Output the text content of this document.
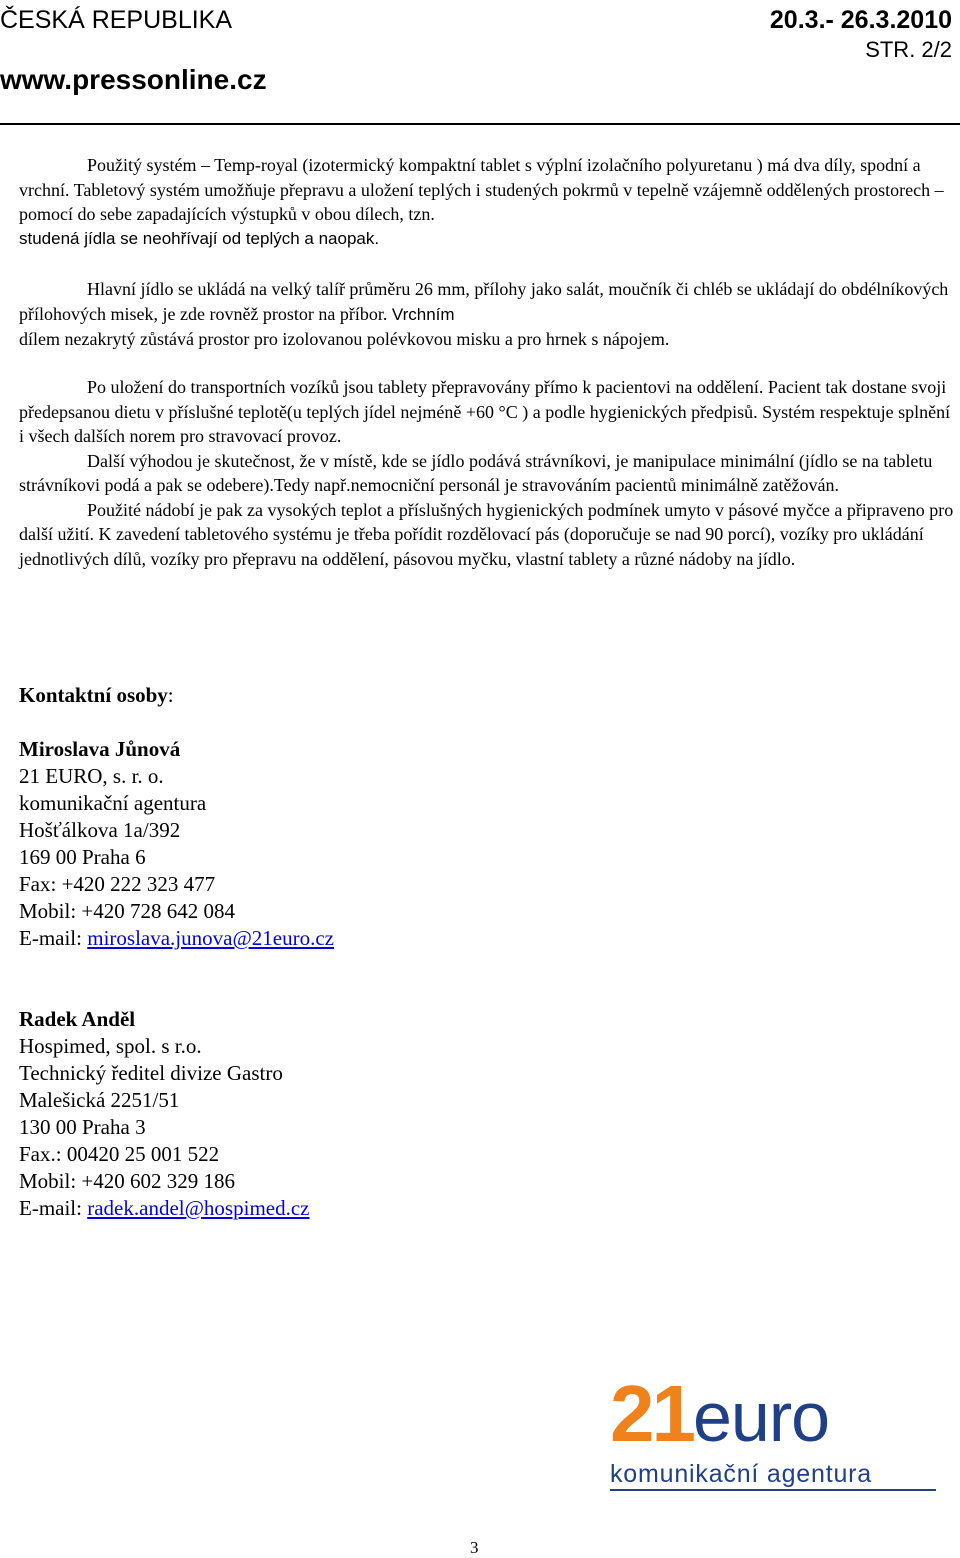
ČESKÁ REPUBLIKA	20.3.- 26.3.2010
STR. 2/2
www.pressonline.cz

Použitý systém – Temp-royal (izotermický kompaktní tablet s výplní izolačního polyuretanu ) má dva díly, spodní a vrchní. Tabletový systém umožňuje přepravu a uložení teplých i studených pokrmů v tepelně vzájemně oddělených prostorech – pomocí do sebe zapadajících výstupků v obou dílech, tzn.

studená jídla se neohřívají od teplých a naopak.

Hlavní jídlo se ukládá na velký talíř průměru 26 mm, přílohy jako salát, moučník či chléb se ukládají do obdélníkových přílohových misek, je zde rovněž prostor na příbor. Vrchním

dílem nezakrytý zůstává prostor pro izolovanou polévkovou misku a pro hrnek s nápojem.

Po uložení do transportních vozíků jsou tablety přepravovány přímo k pacientovi na oddělení. Pacient tak dostane svoji předepsanou dietu v příslušné teplotě(u teplých jídel nejméně +60 °C ) a podle hygienických předpisů. Systém respektuje splnění i všech dalších norem pro stravovací provoz.

Další výhodou je skutečnost, že v místě, kde se jídlo podává strávníkovi, je manipulace minimální (jídlo se na tabletu strávníkovi podá a pak se odebere).Tedy např.nemocniční personál je stravováním pacientů minimálně zatěžován.

Použité nádobí je pak za vysokých teplot a příslušných hygienických podmínek umyto v pásové myčce a připraveno pro další užití. K zavedení tabletového systému je třeba pořídit rozdělovací pás (doporučuje se nad 90 porcí), vozíky pro ukládání jednotlivých dílů, vozíky pro přepravu na oddělení, pásovou myčku, vlastní tablety a různé nádoby na jídlo.

Kontaktní osoby:

Miroslava Jůnová
21 EURO, s. r. o.
komunikační agentura
Hošťálkova 1a/392
169 00 Praha 6
Fax: +420 222 323 477
Mobil: +420 728 642 084
E-mail: miroslava.junova@21euro.cz
Radek Anděl
Hospimed, spol. s r.o.
Technický ředitel divize Gastro
Malešická 2251/51
130 00 Praha 3
Fax.: 00420 25 001 522
Mobil: +420 602 329 186
E-mail: radek.andel@hospimed.cz
21euro
komunikační agentura
3
